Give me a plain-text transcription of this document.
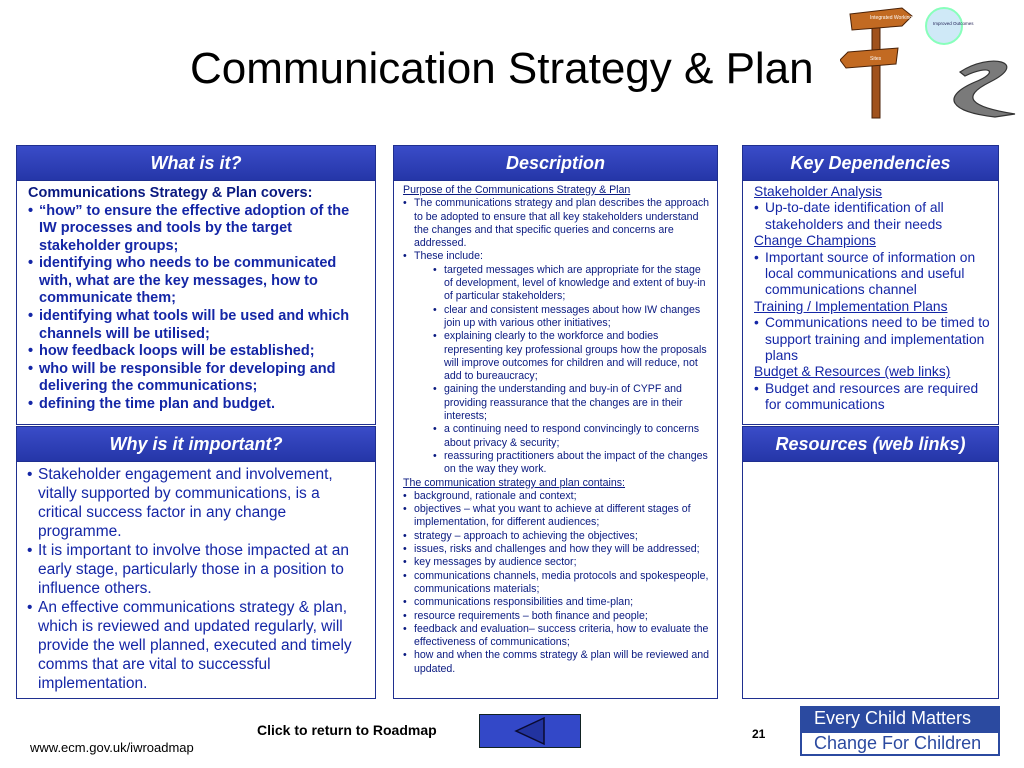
Communication Strategy & Plan
Integrated Working
Sites
Improved Outcomes
What is it?
Communications Strategy & Plan covers:
• “how” to ensure the effective adoption of the IW processes and tools by the target stakeholder groups;
• identifying who needs to be communicated with, what are the key messages, how to communicate them;
• identifying what tools will be used and which channels will be utilised;
• how feedback loops will be established;
• who will be responsible for developing and delivering the communications;
• defining the time plan and budget.
Why is it important?
• Stakeholder engagement and involvement, vitally supported by communications, is a critical success factor in any change programme.
• It is important to involve those impacted at an early stage, particularly those in a position to influence others.
• An effective communications strategy & plan, which is reviewed and updated regularly, will provide the well planned, executed and timely comms that are vital to successful implementation.
Description
Purpose of the Communications Strategy & Plan
• The communications strategy and plan describes the approach to be adopted to ensure that all key stakeholders understand the changes and that specific queries and concerns are addressed.
• These include:
• targeted messages which are appropriate for the stage of development, level of knowledge and extent of buy-in of particular stakeholders;
• clear and consistent messages about how IW changes join up with various other initiatives;
• explaining clearly to the workforce and bodies representing key professional groups how the proposals will improve outcomes for children and will reduce, not add to bureaucracy;
• gaining the understanding and buy-in of CYPF and providing reassurance that the changes are in their interests;
• a continuing need to respond convincingly to concerns about privacy & security;
• reassuring practitioners about the impact of the changes on the way they work.
The communication strategy and plan contains:
• background, rationale and context;
• objectives – what you want to achieve at different stages of implementation, for different audiences;
• strategy – approach to achieving the objectives;
• issues, risks and challenges and how they will be addressed;
• key messages by audience sector;
• communications channels, media protocols and spokespeople, communications materials;
• communications responsibilities and time-plan;
• resource requirements – both finance and people;
• feedback and evaluation– success criteria, how to evaluate the effectiveness of communications;
• how and when the comms strategy & plan will be reviewed and updated.
Key Dependencies
Stakeholder Analysis
• Up-to-date identification of all stakeholders and their needs
Change Champions
• Important source of information on local communications and useful communications channel
Training / Implementation Plans
• Communications need to be timed to support training and implementation plans
Budget & Resources (web links)
• Budget and resources are required for communications
Resources (web links)
Click to return to Roadmap	21
www.ecm.gov.uk/iwroadmap
Every Child Matters
Change For Children
